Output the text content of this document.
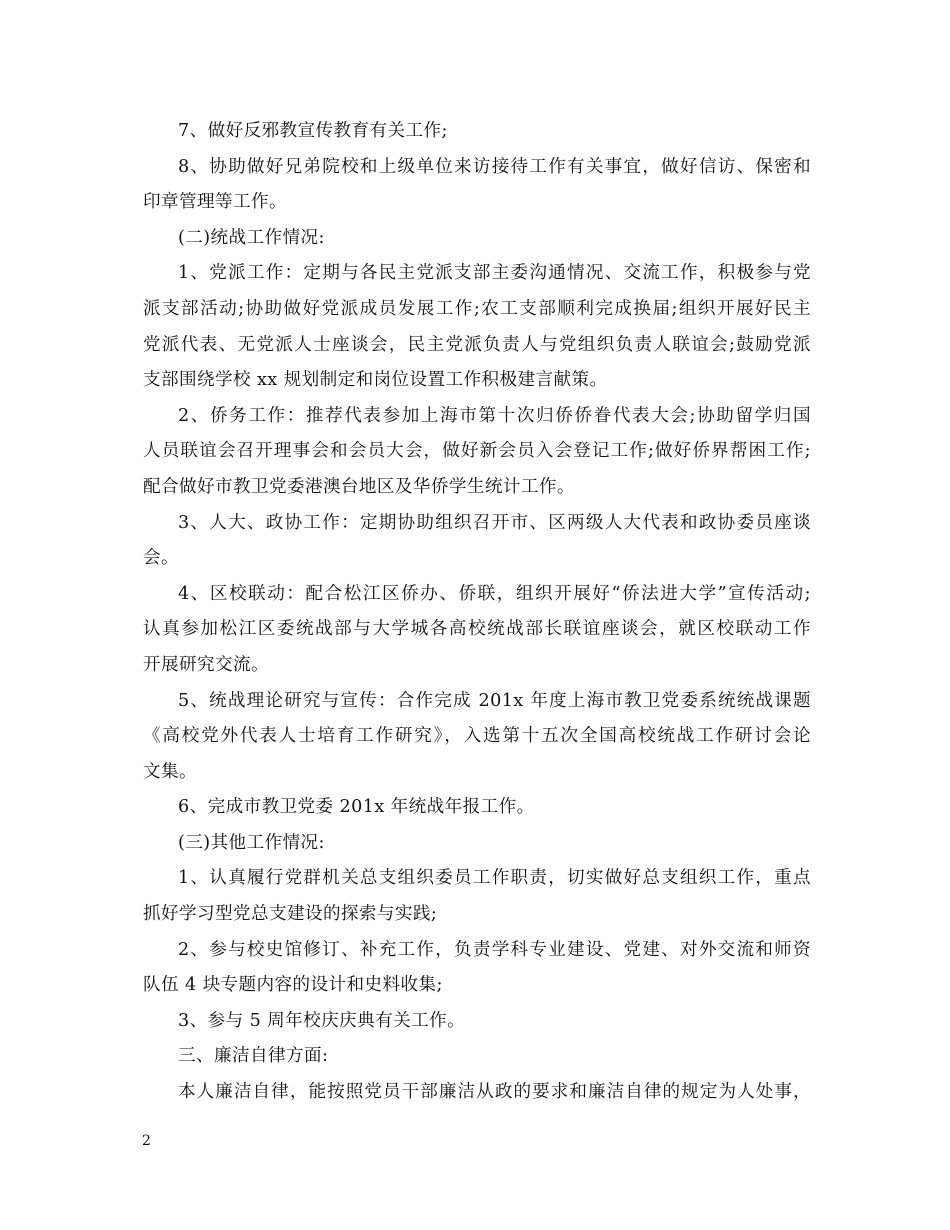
7、做好反邪教宣传教育有关工作;
8、协助做好兄弟院校和上级单位来访接待工作有关事宜，做好信访、保密和
印章管理等工作。
(二)统战工作情况:
1、党派工作：定期与各民主党派支部主委沟通情况、交流工作，积极参与党
派支部活动;协助做好党派成员发展工作;农工支部顺利完成换届;组织开展好民主
党派代表、无党派人士座谈会，民主党派负责人与党组织负责人联谊会;鼓励党派
支部围绕学校 xx 规划制定和岗位设置工作积极建言献策。
2、侨务工作：推荐代表参加上海市第十次归侨侨眷代表大会;协助留学归国
人员联谊会召开理事会和会员大会，做好新会员入会登记工作;做好侨界帮困工作;
配合做好市教卫党委港澳台地区及华侨学生统计工作。
3、人大、政协工作：定期协助组织召开市、区两级人大代表和政协委员座谈
会。
4、区校联动：配合松江区侨办、侨联，组织开展好“侨法进大学”宣传活动;
认真参加松江区委统战部与大学城各高校统战部长联谊座谈会，就区校联动工作
开展研究交流。
5、统战理论研究与宣传：合作完成 201x 年度上海市教卫党委系统统战课题
《高校党外代表人士培育工作研究》，入选第十五次全国高校统战工作研讨会论
文集。
6、完成市教卫党委 201x 年统战年报工作。
(三)其他工作情况:
1、认真履行党群机关总支组织委员工作职责，切实做好总支组织工作，重点
抓好学习型党总支建设的探索与实践;
2、参与校史馆修订、补充工作，负责学科专业建设、党建、对外交流和师资
队伍 4 块专题内容的设计和史料收集;
3、参与 5 周年校庆庆典有关工作。
三、廉洁自律方面:
本人廉洁自律，能按照党员干部廉洁从政的要求和廉洁自律的规定为人处事，
2
